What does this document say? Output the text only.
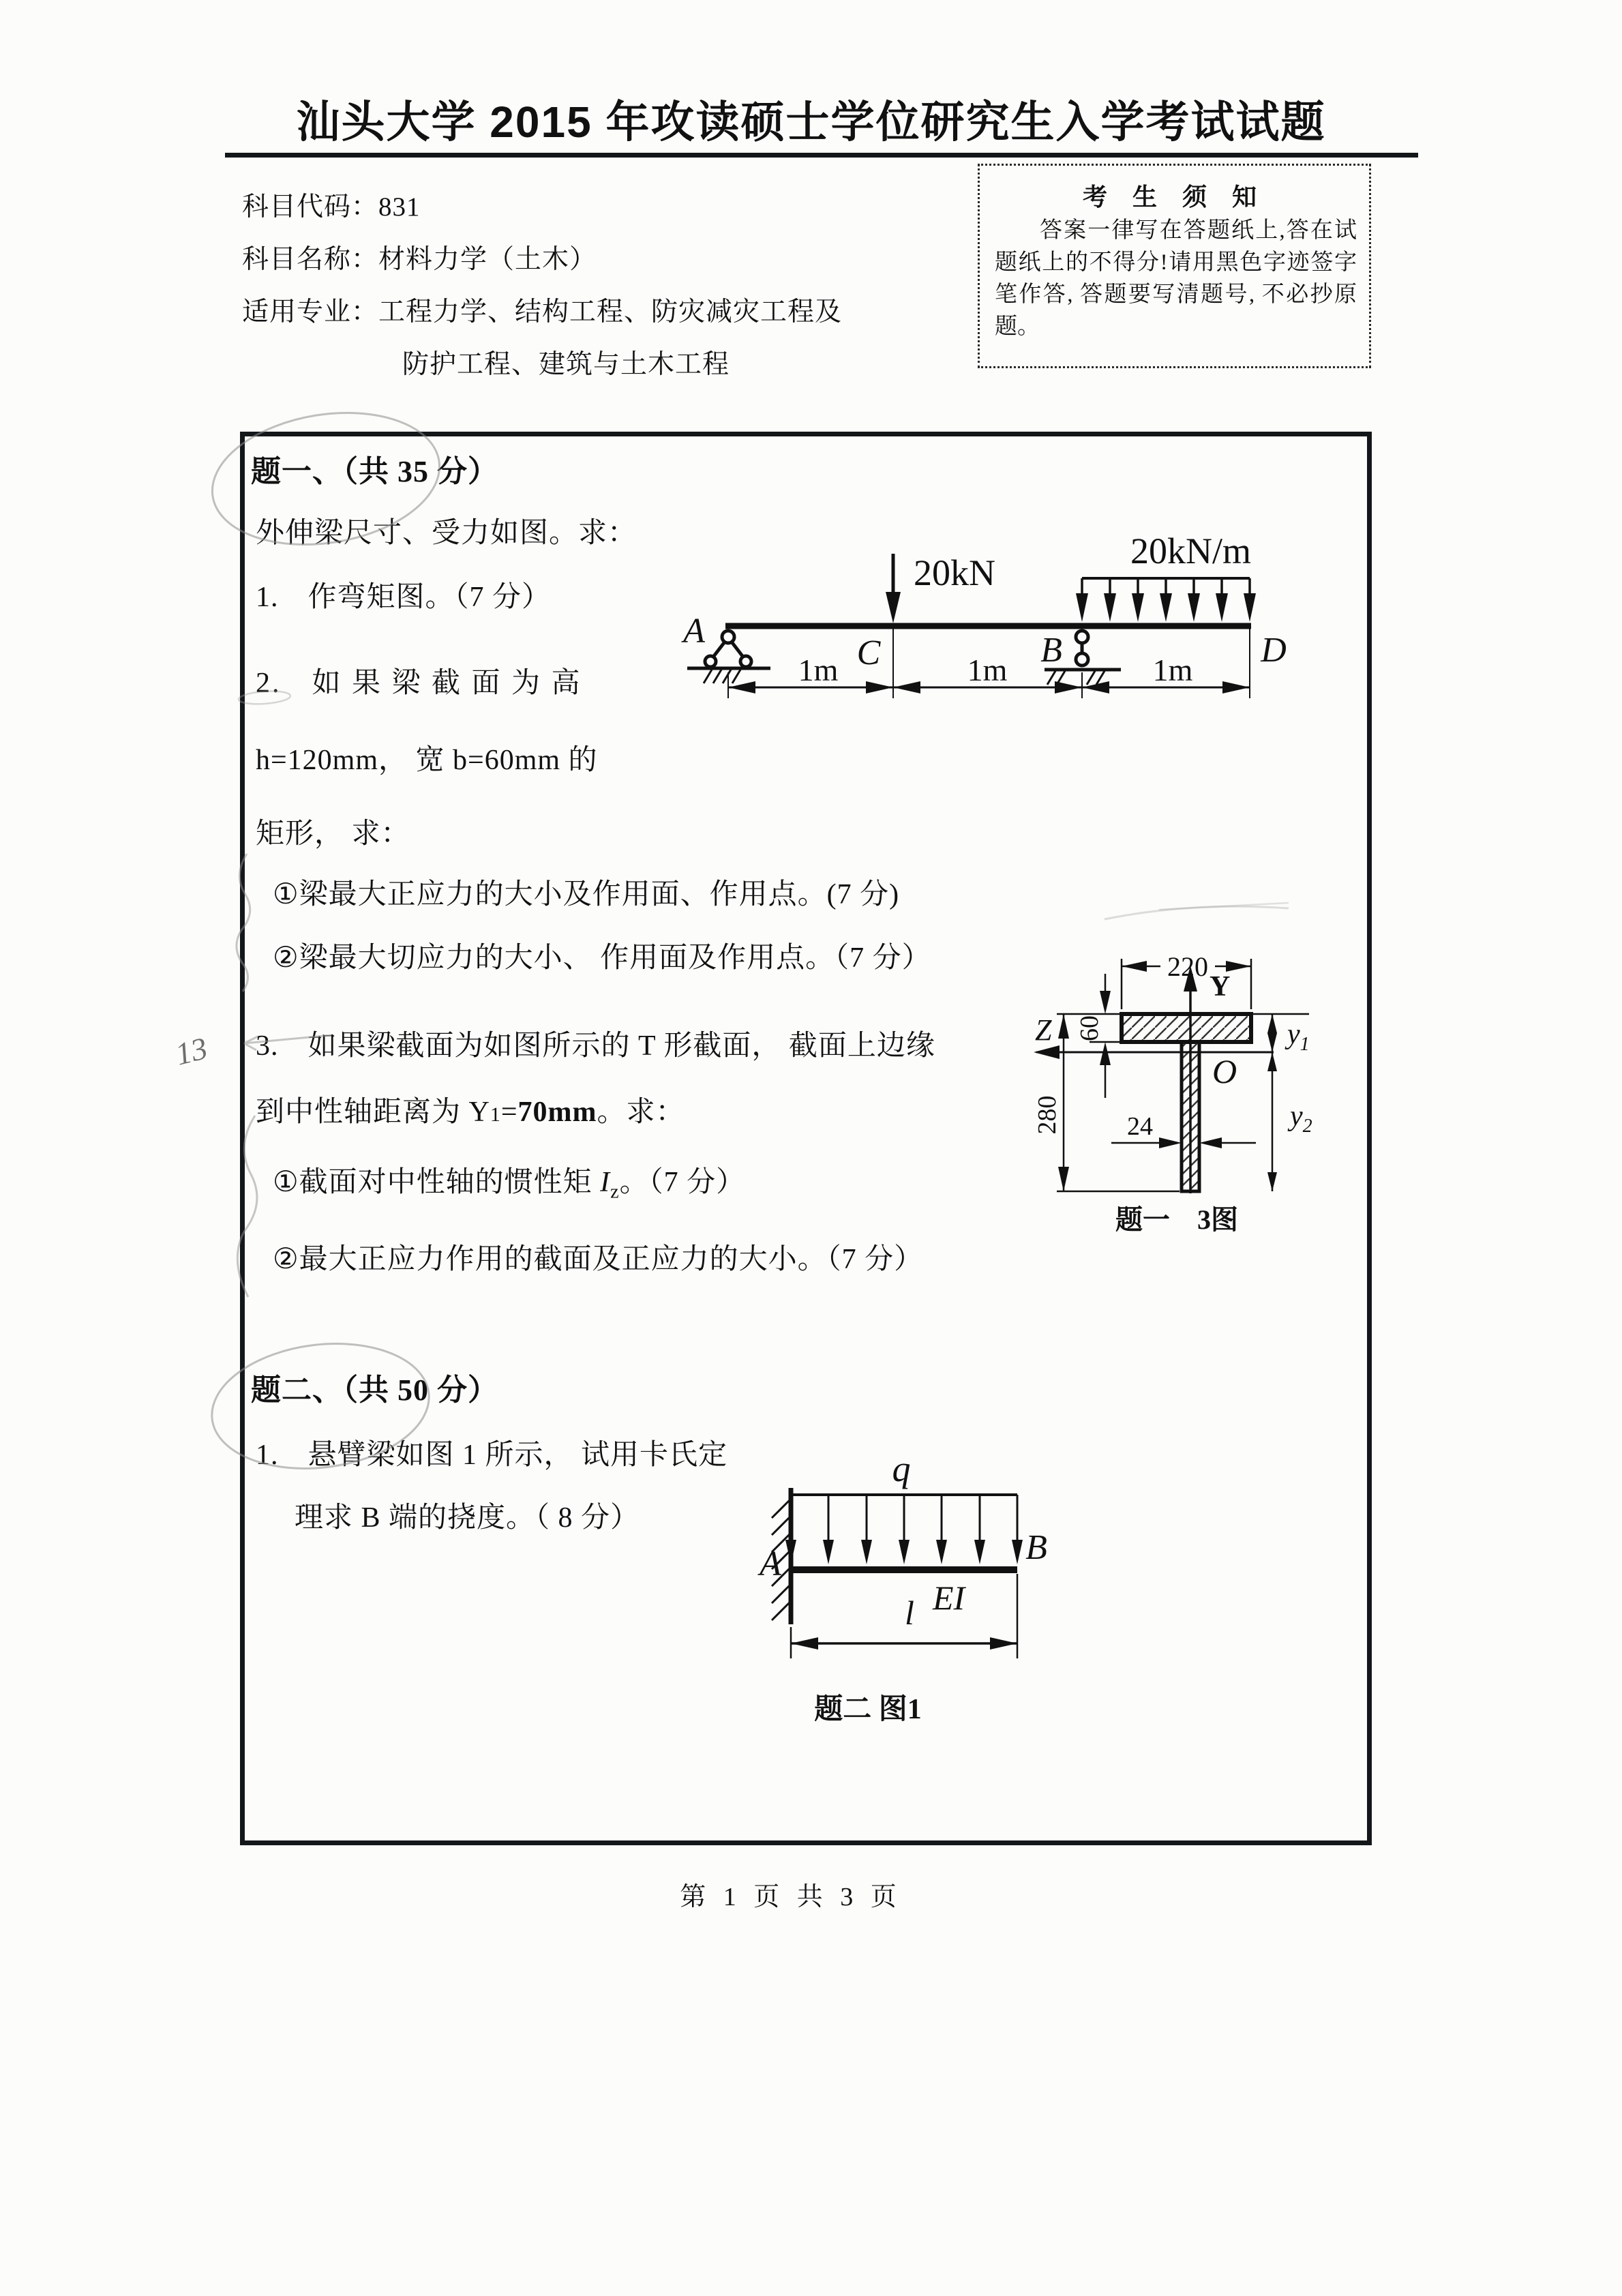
汕头大学 2015 年攻读硕士学位研究生入学考试试题
科目代码：831
科目名称：材料力学（土木）
适用专业：工程力学、结构工程、防灾减灾工程及
防护工程、建筑与土木工程
考 生 须 知
答案一律写在答题纸上,答在试题纸上的不得分!请用黑色字迹签字笔作答, 答题要写清题号, 不必抄原题。
题一、（共 35 分）
外伸梁尺寸、受力如图。求：
1.　作弯矩图。（7 分）
2.　如 果 梁 截 面 为 高
h=120mm， 宽 b=60mm 的
矩形， 求：
①梁最大正应力的大小及作用面、作用点。(7 分)
②梁最大切应力的大小、 作用面及作用点。（7 分）
3.　如果梁截面为如图所示的 T 形截面， 截面上边缘
到中性轴距离为 Y1=70mm。求：
①截面对中性轴的惯性矩 $I_z$。（7 分）
②最大正应力作用的截面及正应力的大小。（7 分）
题二、（共 50 分）
1.　悬臂梁如图 1 所示， 试用卡氏定
理求 B 端的挠度。（ 8 分）
A
20kN
C	B
20kN/m
D
1m	1m	1m
Y
Z
O
220
60
280	24
$y_1$
$y_2$
题一　3图
q
A	B
EI
l
题二 图1
第 1 页 共 3 页
13
